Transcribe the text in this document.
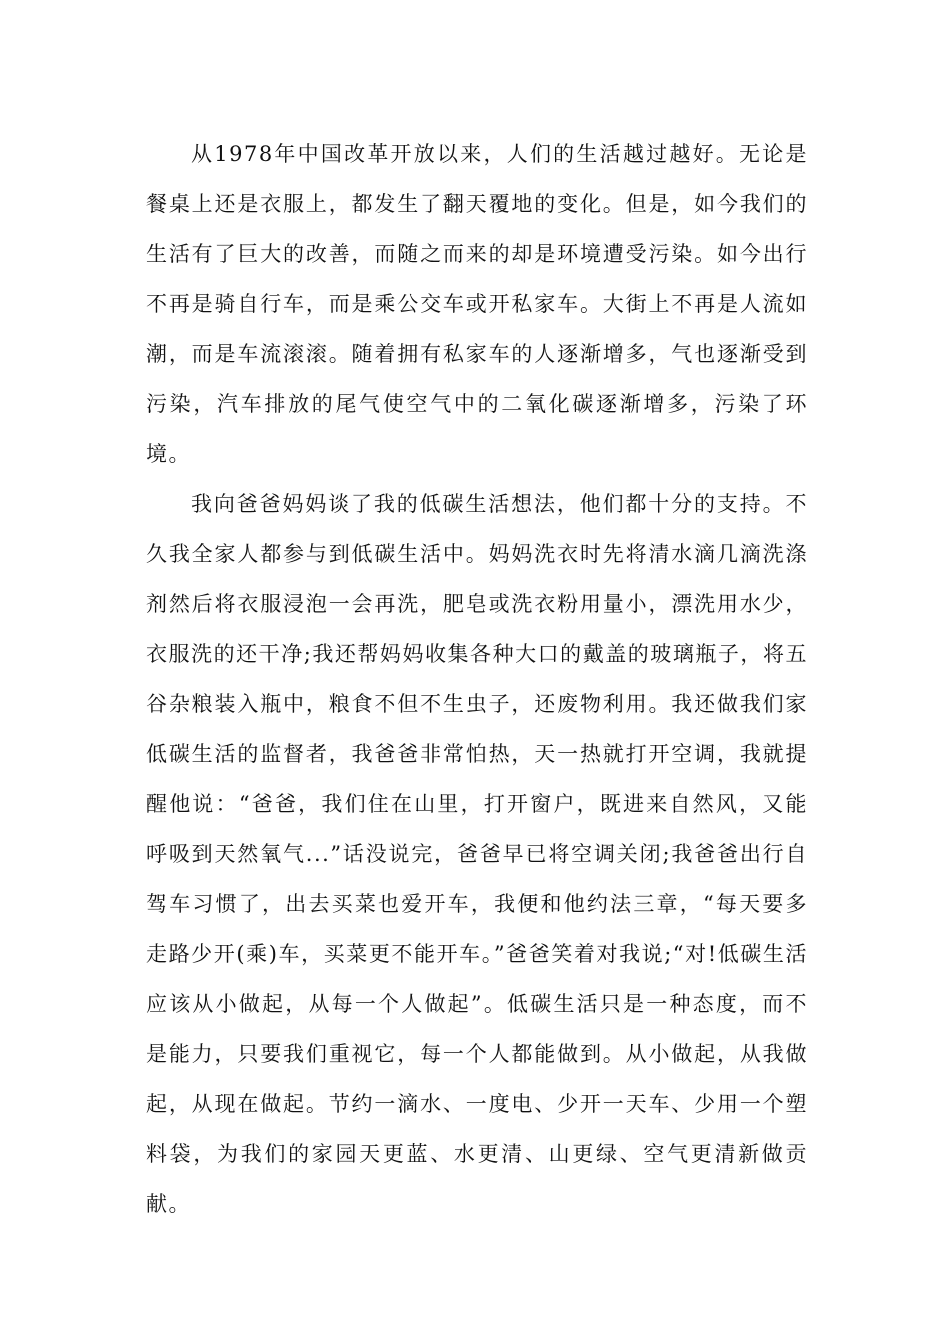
从1978年中国改革开放以来，人们的生活越过越好。无论是餐桌上还是衣服上，都发生了翻天覆地的变化。但是，如今我们的生活有了巨大的改善，而随之而来的却是环境遭受污染。如今出行不再是骑自行车，而是乘公交车或开私家车。大街上不再是人流如潮，而是车流滚滚。随着拥有私家车的人逐渐增多，气也逐渐受到污染，汽车排放的尾气使空气中的二氧化碳逐渐增多，污染了环境。

我向爸爸妈妈谈了我的低碳生活想法，他们都十分的支持。不久我全家人都参与到低碳生活中。妈妈洗衣时先将清水滴几滴洗涤剂然后将衣服浸泡一会再洗，肥皂或洗衣粉用量小，漂洗用水少，衣服洗的还干净;我还帮妈妈收集各种大口的戴盖的玻璃瓶子，将五谷杂粮装入瓶中，粮食不但不生虫子，还废物利用。我还做我们家低碳生活的监督者，我爸爸非常怕热，天一热就打开空调，我就提醒他说：“爸爸，我们住在山里，打开窗户，既进来自然风，又能呼吸到天然氧气...”话没说完，爸爸早已将空调关闭;我爸爸出行自驾车习惯了，出去买菜也爱开车，我便和他约法三章，“每天要多走路少开(乘)车，买菜更不能开车。”爸爸笑着对我说;“对!低碳生活应该从小做起，从每一个人做起”。低碳生活只是一种态度，而不是能力，只要我们重视它，每一个人都能做到。从小做起，从我做起，从现在做起。节约一滴水、一度电、少开一天车、少用一个塑料袋，为我们的家园天更蓝、水更清、山更绿、空气更清新做贡献。
